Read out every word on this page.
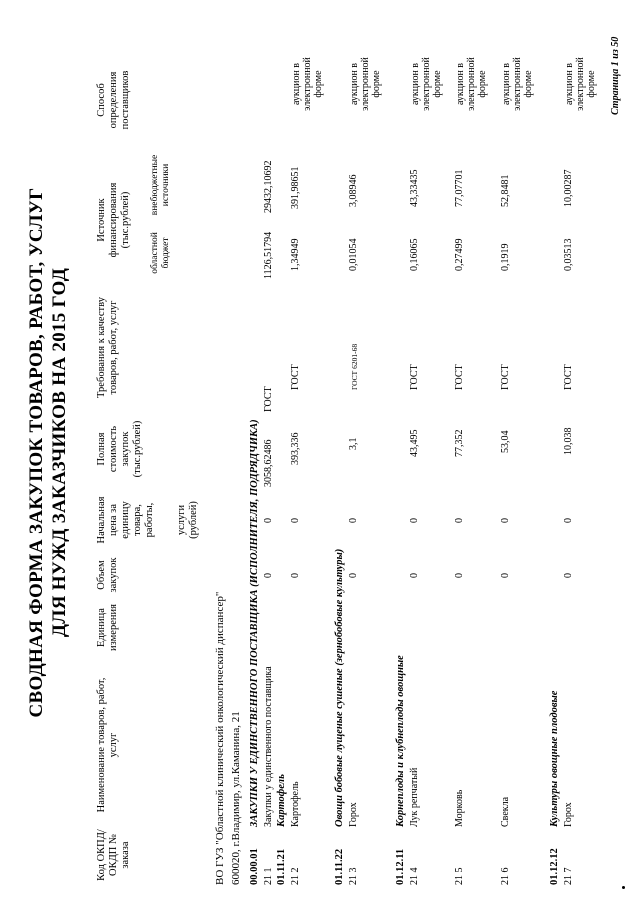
СВОДНАЯ ФОРМА ЗАКУПОК ТОВАРОВ, РАБОТ, УСЛУГ ДЛЯ НУЖД ЗАКАЗЧИКОВ НА 2015 ГОД
Код ОКПД/ ОКДП № заказа
Наименование товаров, работ, услуг
Единица измерения
Объем закупок
Начальная цена за единицу товара, работы, услуги (рублей)
Полная стоимость закупок (тыс.рублей)
Требования к качеству товаров, работ, услуг
Источник финансирования (тыс.рублей)
областной бюджет
внебюджетные источники
Способ определения поставщиков
ВО ГУЗ "Областной клинический онкологический диспансер" 600020, г.Владимир, ул.Каманина, 21 00.00.01ЗАКУПКИ У ЕДИНСТВЕННОГО ПОСТАВЩИКА (ИСПОЛНИТЕЛЯ, ПОДРЯДЧИКА)
21 1
Закупки у единственного поставщика
0
0
3058,62486
ГОСТ
1126,51794
29432,10692
01.11.21Картофель
21 2
Картофель
0
0
393,336
ГОСТ
1,34949
391,98651
аукцион в электронной форме
01.11.22Овощи бобовые лущеные сушеные (зернобобовые культуры)
21 3
Горох
0
0
3,1
ГОСТ 6201-68
0,01054
3,08946
аукцион в электронной форме
01.12.11Корнеплоды и клубнеплоды овощные
21 4
Лук репчатый
0
0
43,495
ГОСТ
0,16065
43,33435
аукцион в электронной форме
21 5
Морковь
0
0
77,352
ГОСТ
0,27499
77,07701
аукцион в электронной форме
21 6
Свекла
0
0
53,04
ГОСТ
0,1919
52,8481
аукцион в электронной форме
01.12.12Культуры овощные плодовые
21 7
Горох
0
0
10,038
ГОСТ
0,03513
10,00287
аукцион в электронной форме Страница 1 из 50
